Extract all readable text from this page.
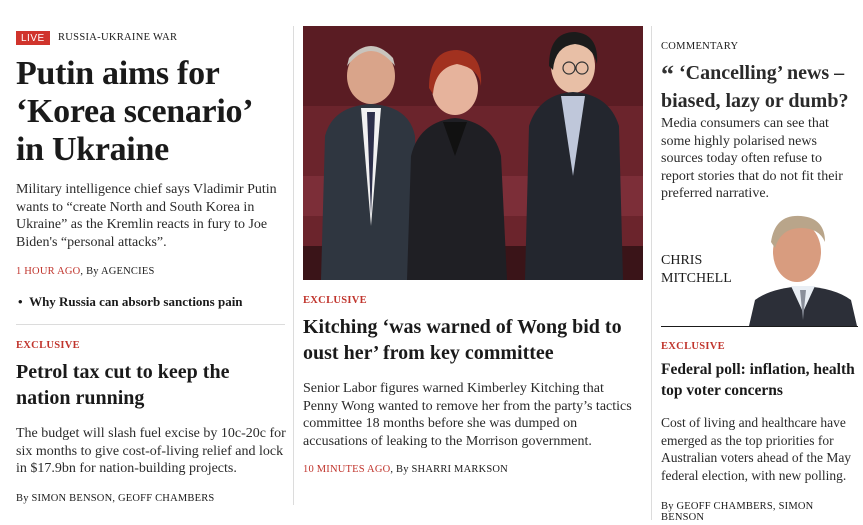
LIVE	RUSSIA-UKRAINE WAR
Putin aims for ‘Korea scenario’ in Ukraine
Military intelligence chief says Vladimir Putin wants to “create North and South Korea in Ukraine” as the Kremlin reacts in fury to Joe Biden's “personal attacks”.
1 HOUR AGO, By AGENCIES
•  Why Russia can absorb sanctions pain
EXCLUSIVE
Petrol tax cut to keep the nation running
The budget will slash fuel excise by 10c-20c for six months to give cost-of-living relief and lock in $17.9bn for nation-building projects.
By SIMON BENSON, GEOFF CHAMBERS
EXCLUSIVE
Kitching ‘was warned of Wong bid to oust her’ from key committee
Senior Labor figures warned Kimberley Kitching that Penny Wong wanted to remove her from the party’s tactics committee 18 months before she was dumped on accusations of leaking to the Morrison government.
10 MINUTES AGO, By SHARRI MARKSON
COMMENTARY
“ ‘Cancelling’ news – biased, lazy or dumb?
Media consumers can see that some highly polarised news sources today often refuse to report stories that do not fit their preferred narrative.
CHRIS
MITCHELL
EXCLUSIVE
Federal poll: inflation, health top voter concerns
Cost of living and healthcare have emerged as the top priorities for Australian voters ahead of the May federal election, with new polling.
By GEOFF CHAMBERS, SIMON BENSON
